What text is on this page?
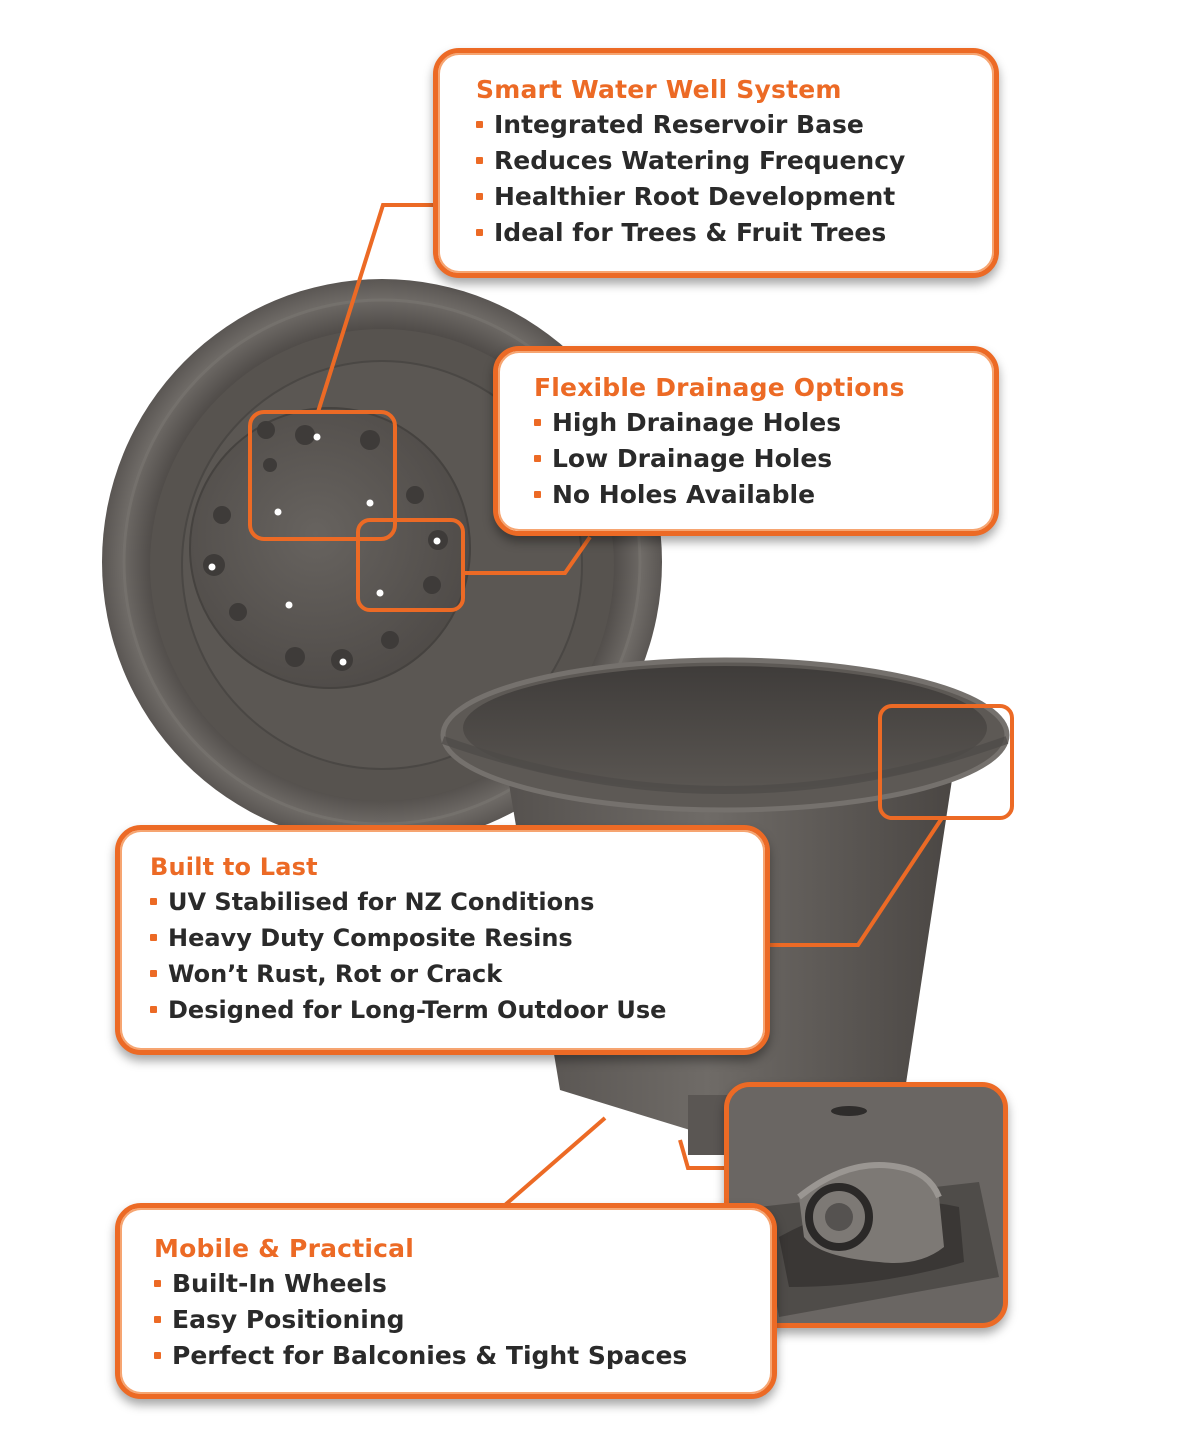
Smart Water Well System
Integrated Reservoir Base
Reduces Watering Frequency
Healthier Root Development
Ideal for Trees & Fruit Trees
Flexible Drainage Options
High Drainage Holes
Low Drainage Holes
No Holes Available
Built to Last
UV Stabilised for NZ Conditions
Heavy Duty Composite Resins
Won’t Rust, Rot or Crack
Designed for Long-Term Outdoor Use
Mobile & Practical
Built-In Wheels
Easy Positioning
Perfect for Balconies & Tight Spaces
